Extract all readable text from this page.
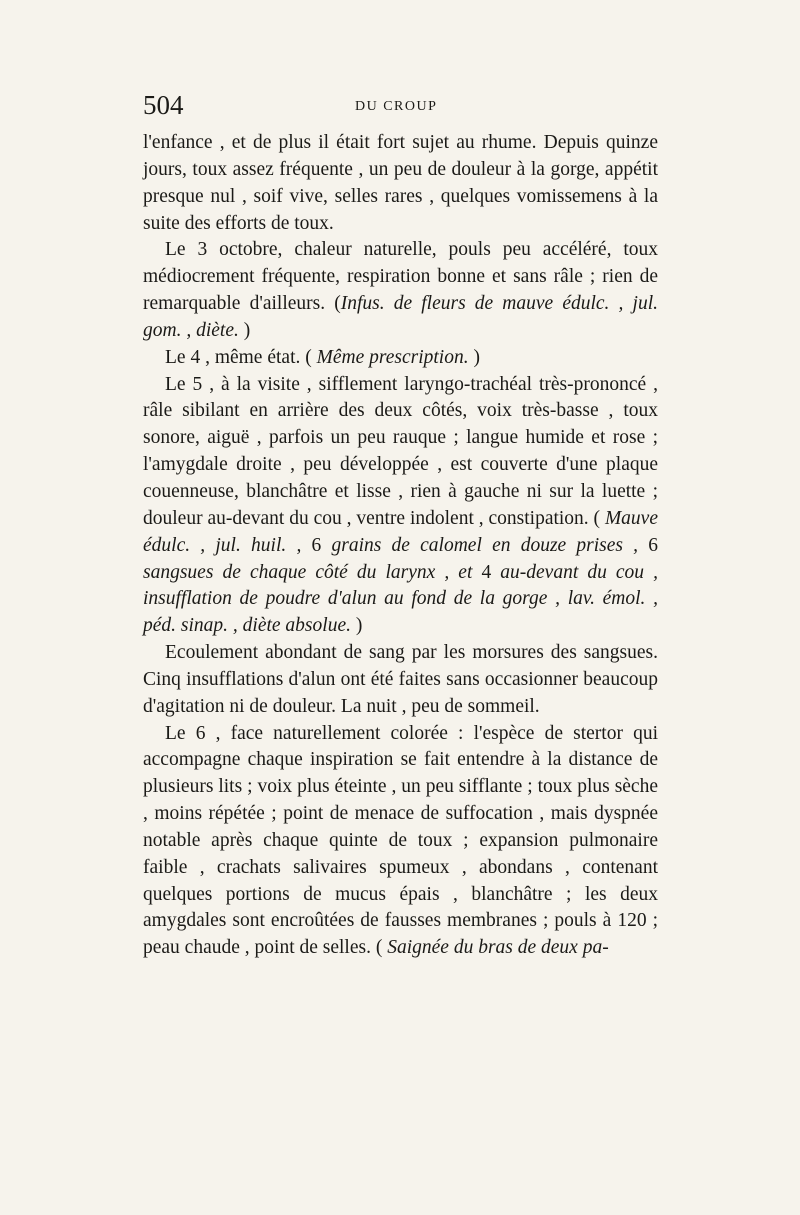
504	DU CROUP

l'enfance , et de plus il était fort sujet au rhume. Depuis quinze jours, toux assez fréquente , un peu de douleur à la gorge, appétit presque nul , soif vive, selles rares , quelques vomissemens à la suite des efforts de toux.

Le 3 octobre, chaleur naturelle, pouls peu accéléré, toux médiocrement fréquente, respiration bonne et sans râle ; rien de remarquable d'ailleurs. (Infus. de fleurs de mauve édulc. , jul. gom. , diète. )

Le 4 , même état. ( Même prescription. )

Le 5 , à la visite , sifflement laryngo-trachéal très-prononcé , râle sibilant en arrière des deux côtés, voix très-basse , toux sonore, aiguë , parfois un peu rauque ; langue humide et rose ; l'amygdale droite , peu développée , est couverte d'une plaque couenneuse, blanchâtre et lisse , rien à gauche ni sur la luette ; douleur au-devant du cou , ventre indolent , constipation. ( Mauve édulc. , jul. huil. , 6 grains de calomel en douze prises , 6 sangsues de chaque côté du larynx , et 4 au-devant du cou , insufflation de poudre d'alun au fond de la gorge , lav. émol. , péd. sinap. , diète absolue. )

Ecoulement abondant de sang par les morsures des sangsues. Cinq insufflations d'alun ont été faites sans occasionner beaucoup d'agitation ni de douleur. La nuit , peu de sommeil.

Le 6 , face naturellement colorée : l'espèce de stertor qui accompagne chaque inspiration se fait entendre à la distance de plusieurs lits ; voix plus éteinte , un peu sifflante ; toux plus sèche , moins répétée ; point de menace de suffocation , mais dyspnée notable après chaque quinte de toux ; expansion pulmonaire faible , crachats salivaires spumeux , abondans , contenant quelques portions de mucus épais , blanchâtre ; les deux amygdales sont encroûtées de fausses membranes ; pouls à 120 ; peau chaude , point de selles. ( Saignée du bras de deux pa-
